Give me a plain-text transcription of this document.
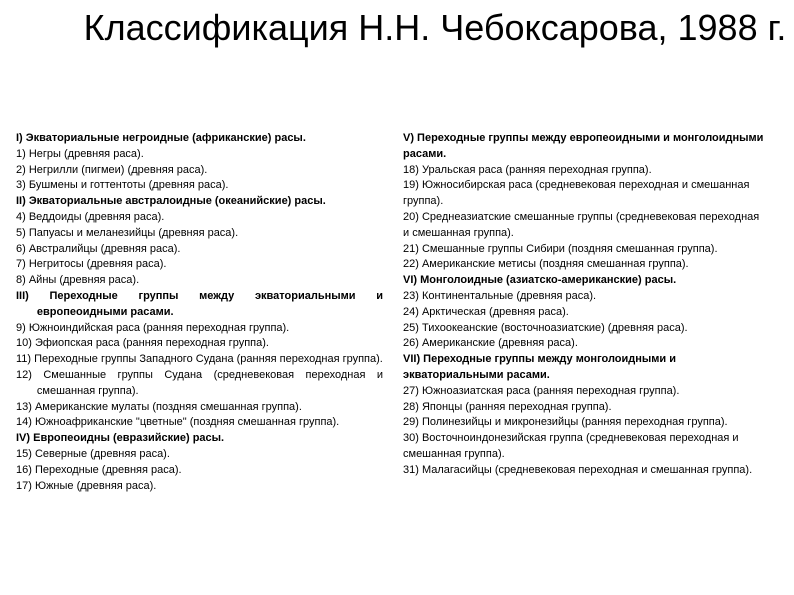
Классификация Н.Н. Чебоксарова, 1988 г.

I) Экваториальные негроидные (африканские) расы.

1) Негры (древняя раса).

2) Негрилли (пигмеи) (древняя раса).

3) Бушмены и готтентоты (древняя раса).

II) Экваториальные австралоидные (океанийские) расы.

4) Веддоиды (древняя раса).

5) Папуасы и меланезийцы (древняя раса).

6) Австралийцы (древняя раса).

7) Негритосы (древняя раса).

8) Айны (древняя раса).

III) Переходные группы между экваториальными и европеоидными расами.

9) Южноиндийская раса (ранняя переходная группа).

10) Эфиопская раса (ранняя переходная группа).

11) Переходные группы Западного Судана (ранняя переходная группа).

12) Смешанные группы Судана (средневековая переходная и смешанная группа).

13) Американские мулаты (поздняя смешанная группа).

14) Южноафриканские "цветные" (поздняя смешанная группа).

IV) Европеоидны (евразийские) расы.

15) Северные (древняя раса).

16) Переходные (древняя раса).

17) Южные (древняя раса).

V) Переходные группы между европеоидными и монголоидными расами.

18) Уральская раса (ранняя переходная группа).

19) Южносибирская раса (средневековая переходная и смешанная группа).

20) Среднеазиатские смешанные группы (средневековая переходная и смешанная группа).

21) Смешанные группы Сибири (поздняя смешанная группа).

22) Американские метисы (поздняя смешанная группа).

VI) Монголоидные (азиатско-американские) расы.

23) Континентальные (древняя раса).

24) Арктическая (древняя раса).

25) Тихоокеанские (восточноазиатские) (древняя раса).

26) Американские (древняя раса).

VII) Переходные группы между монголоидными и экваториальными расами.

27) Южноазиатская раса (ранняя переходная группа).

28) Японцы (ранняя переходная группа).

29) Полинезийцы и микронезийцы (ранняя переходная группа).

30) Восточноиндонезийская группа (средневековая переходная и смешанная группа).

31) Малагасийцы (средневековая переходная и смешанная группа).
